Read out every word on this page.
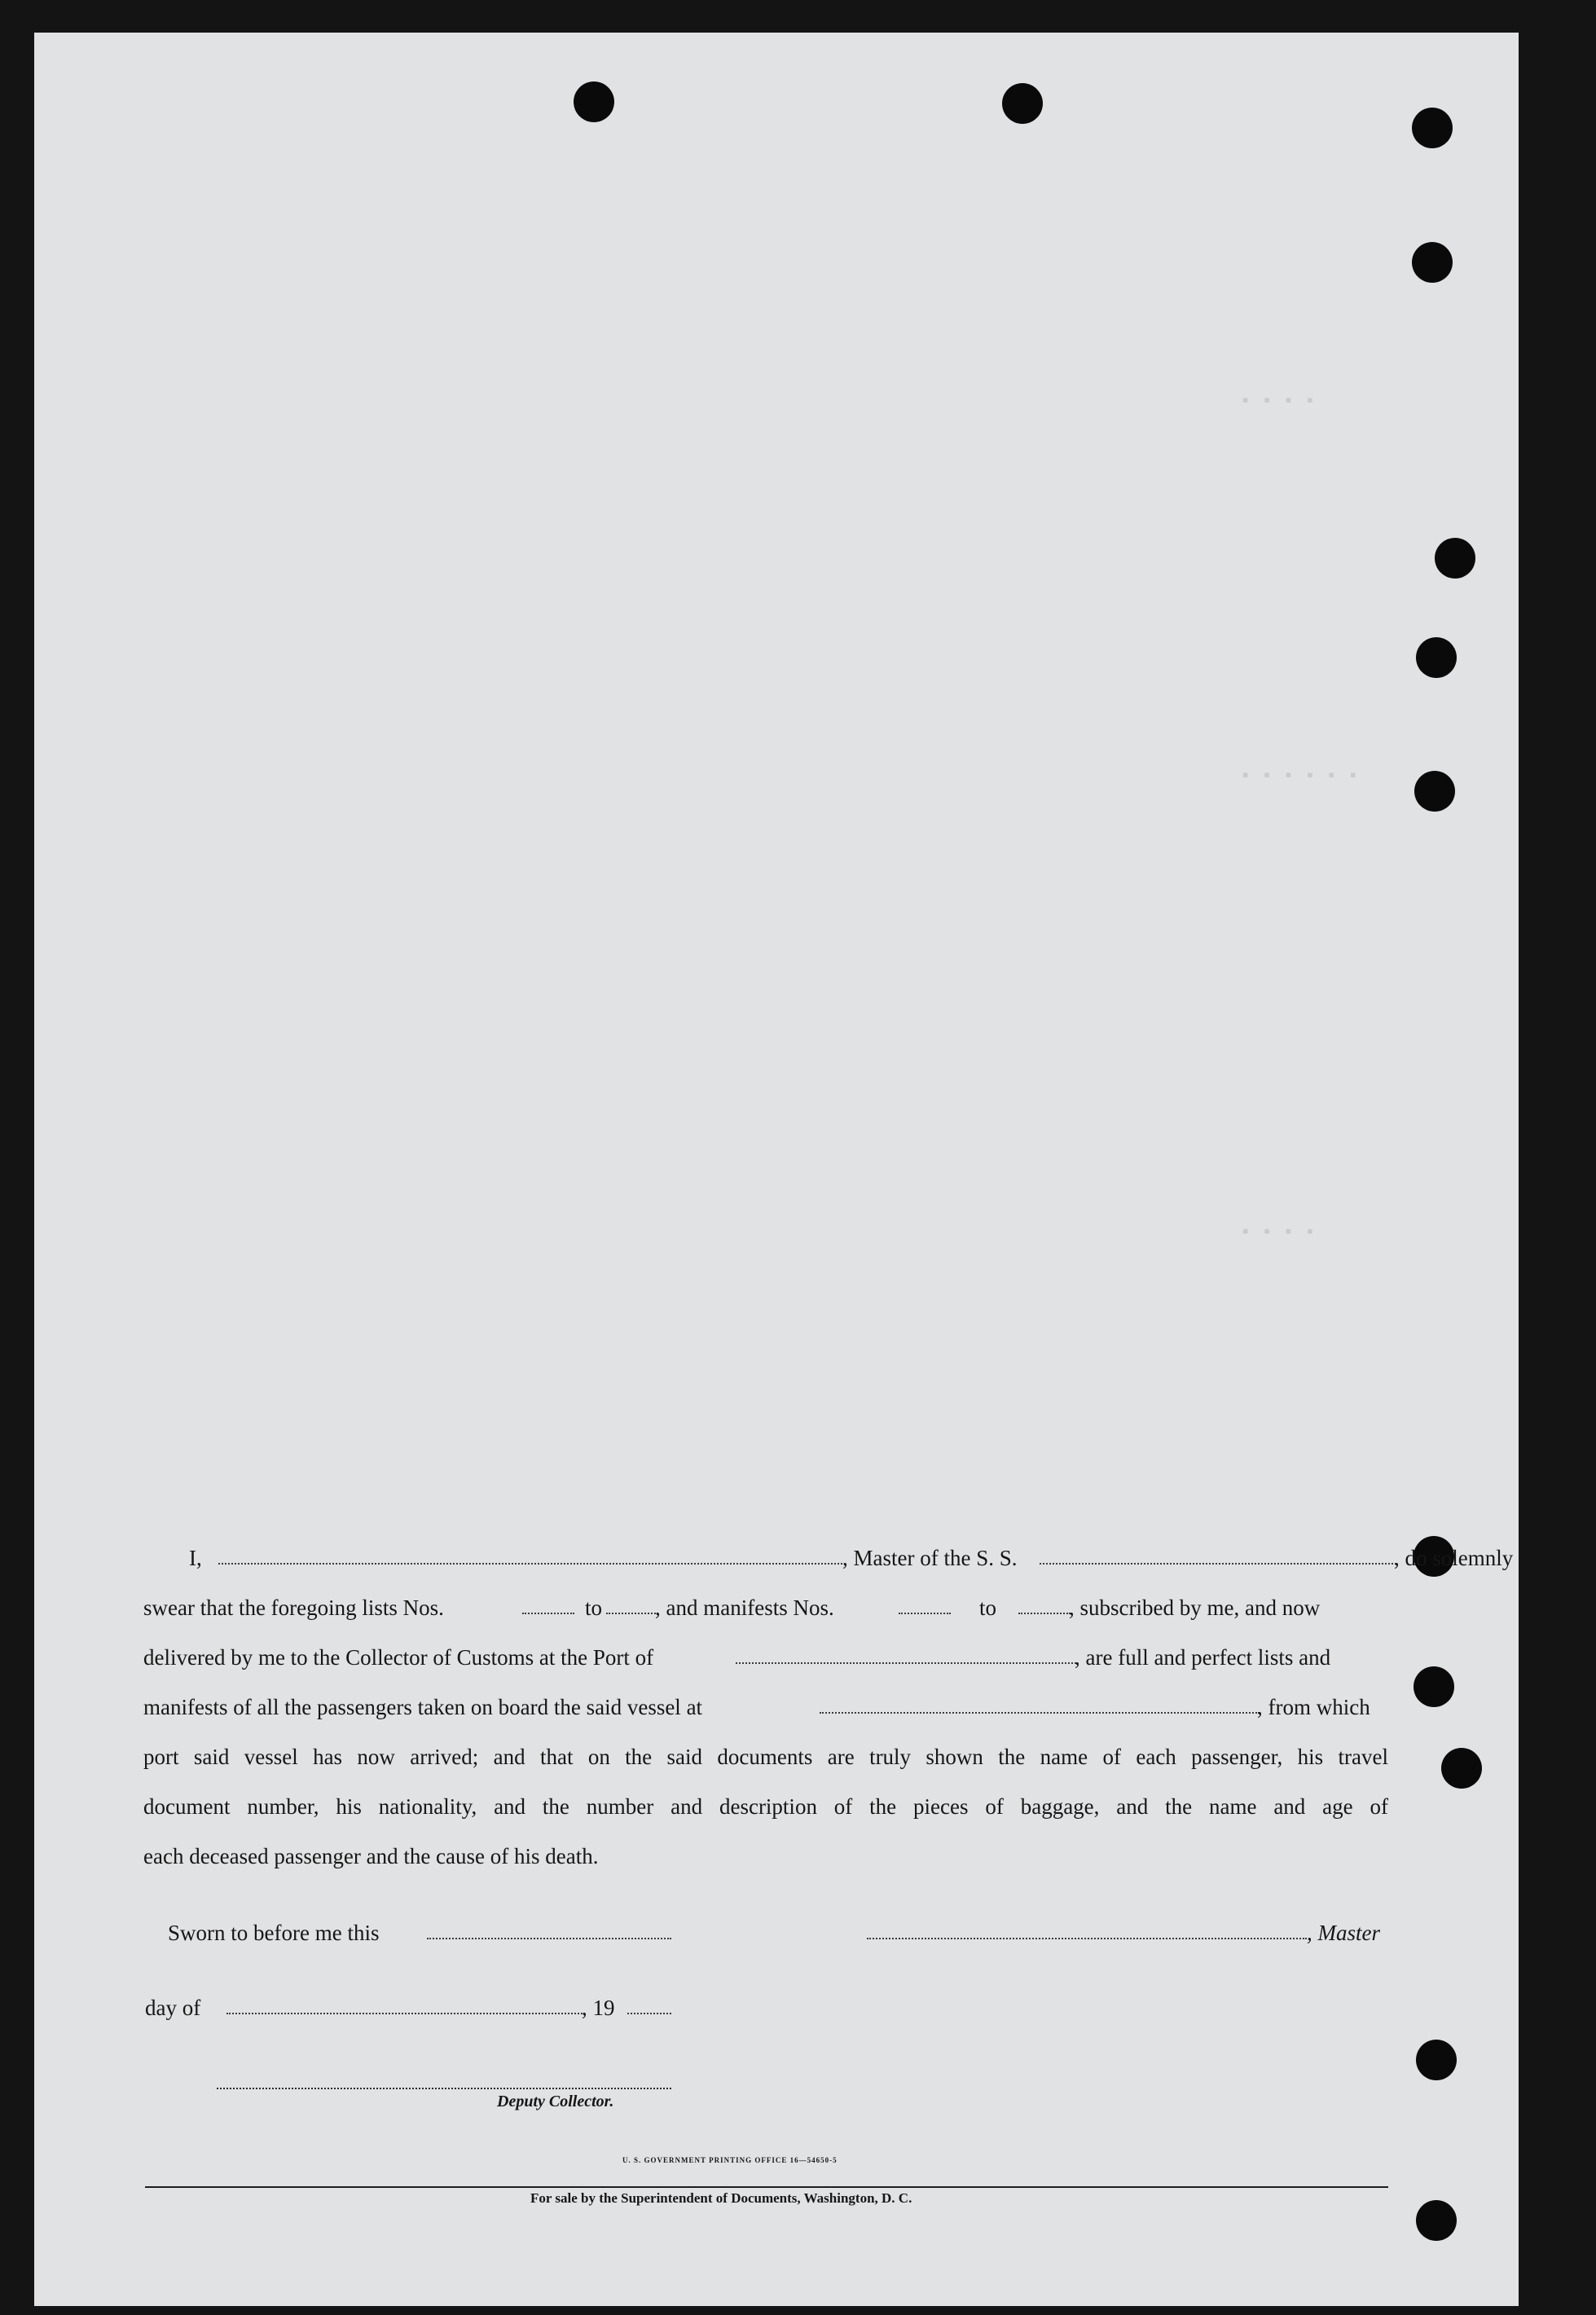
▪ ▪ ▪ ▪
▪ ▪ ▪ ▪ ▪ ▪
▪ ▪ ▪ ▪
I,	, Master of the S. S.	, do solemnly
swear that the foregoing lists Nos.	to , and manifests Nos.	to	, subscribed by me, and now
delivered by me to the Collector of Customs at the Port of	, are full and perfect lists and
manifests of all the passengers taken on board the said vessel at	, from which
port said vessel has now arrived; and that on the said documents are truly shown the name of each passenger, his travel
document number, his nationality, and the number and description of the pieces of baggage, and the name and age of
each deceased passenger and the cause of his death.
Sworn to before me this	, Master
day of	, 19
Deputy Collector.
U. S. GOVERNMENT PRINTING OFFICE 16—54650-5
For sale by the Superintendent of Documents, Washington, D. C.
